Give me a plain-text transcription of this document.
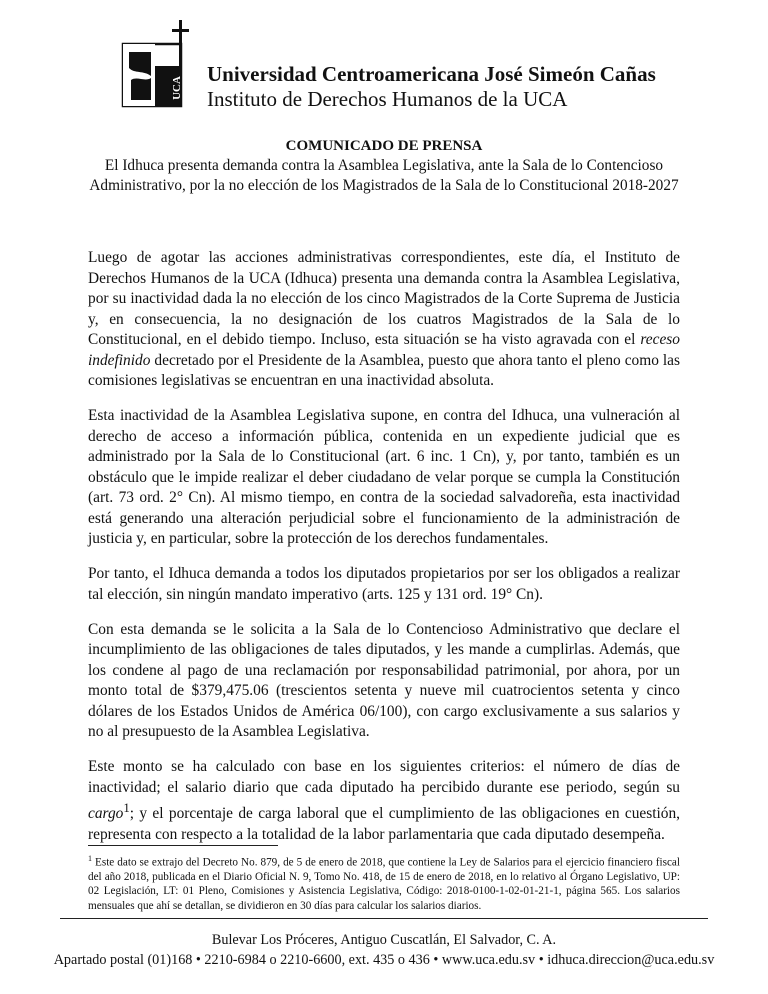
UCA
Universidad Centroamericana José Simeón Cañas
Instituto de Derechos Humanos de la UCA

COMUNICADO DE PRENSA

El Idhuca presenta demanda contra la Asamblea Legislativa, ante la Sala de lo Contencioso
Administrativo, por la no elección de los Magistrados de la Sala de lo Constitucional 2018-2027

Luego de agotar las acciones administrativas correspondientes, este día, el Instituto de Derechos Humanos de la UCA (Idhuca) presenta una demanda contra la Asamblea Legislativa, por su inactividad dada la no elección de los cinco Magistrados de la Corte Suprema de Justicia y, en consecuencia, la no designación de los cuatros Magistrados de la Sala de lo Constitucional, en el debido tiempo. Incluso, esta situación se ha visto agravada con el receso indefinido decretado por el Presidente de la Asamblea, puesto que ahora tanto el pleno como las comisiones legislativas se encuentran en una inactividad absoluta.

Esta inactividad de la Asamblea Legislativa supone, en contra del Idhuca, una vulneración al derecho de acceso a información pública, contenida en un expediente judicial que es administrado por la Sala de lo Constitucional (art. 6 inc. 1 Cn), y, por tanto, también es un obstáculo que le impide realizar el deber ciudadano de velar porque se cumpla la Constitución (art. 73 ord. 2° Cn). Al mismo tiempo, en contra de la sociedad salvadoreña, esta inactividad está generando una alteración perjudicial sobre el funcionamiento de la administración de justicia y, en particular, sobre la protección de los derechos fundamentales.

Por tanto, el Idhuca demanda a todos los diputados propietarios por ser los obligados a realizar tal elección, sin ningún mandato imperativo (arts. 125 y 131 ord. 19° Cn).

Con esta demanda se le solicita a la Sala de lo Contencioso Administrativo que declare el incumplimiento de las obligaciones de tales diputados, y les mande a cumplirlas. Además, que los condene al pago de una reclamación por responsabilidad patrimonial, por ahora, por un monto total de $379,475.06 (trescientos setenta y nueve mil cuatrocientos setenta y cinco dólares de los Estados Unidos de América 06/100), con cargo exclusivamente a sus salarios y no al presupuesto de la Asamblea Legislativa.

Este monto se ha calculado con base en los siguientes criterios: el número de días de inactividad; el salario diario que cada diputado ha percibido durante ese periodo, según su cargo$^1$; y el porcentaje de carga laboral que el cumplimiento de las obligaciones en cuestión, representa con respecto a la totalidad de la labor parlamentaria que cada diputado desempeña.

$^1$ Este dato se extrajo del Decreto No. 879, de 5 de enero de 2018, que contiene la Ley de Salarios para el ejercicio financiero fiscal del año 2018, publicada en el Diario Oficial N. 9, Tomo No. 418, de 15 de enero de 2018, en lo relativo al Órgano Legislativo, UP: 02 Legislación, LT: 01 Pleno, Comisiones y Asistencia Legislativa, Código: 2018-0100-1-02-01-21-1, página 565. Los salarios mensuales que ahí se detallan, se dividieron en 30 días para calcular los salarios diarios.

Bulevar Los Próceres, Antiguo Cuscatlán, El Salvador, C. A.
Apartado postal (01)168 • 2210-6984 o 2210-6600, ext. 435 o 436 • www.uca.edu.sv • idhuca.direccion@uca.edu.sv
